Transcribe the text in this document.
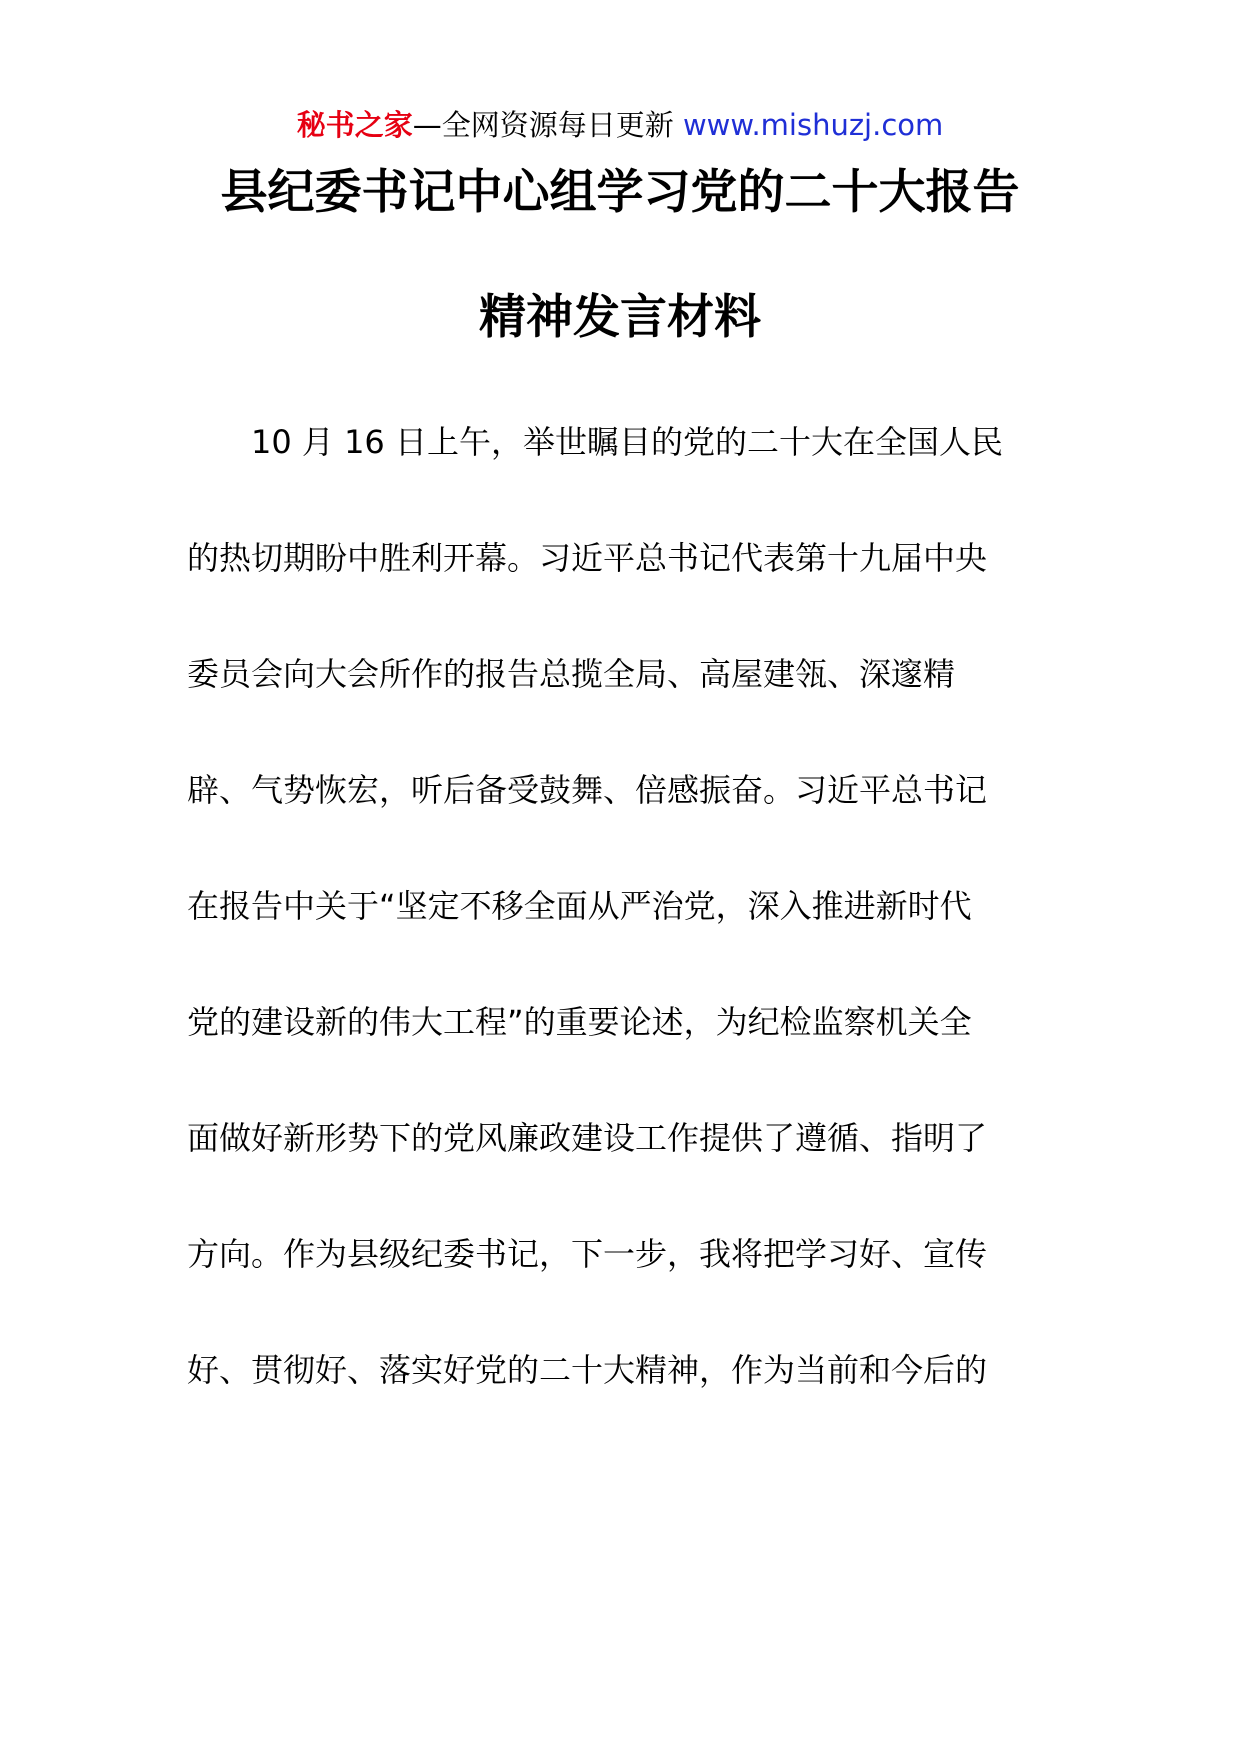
秘书之家—全网资源每日更新 www.mishuzj.com
县纪委书记中心组学习党的二十大报告
精神发言材料
　　10 月 16 日上午，举世瞩目的党的二十大在全国人民
的热切期盼中胜利开幕。习近平总书记代表第十九届中央
委员会向大会所作的报告总揽全局、高屋建瓴、深邃精
辟、气势恢宏，听后备受鼓舞、倍感振奋。习近平总书记
在报告中关于“坚定不移全面从严治党，深入推进新时代
党的建设新的伟大工程”的重要论述，为纪检监察机关全
面做好新形势下的党风廉政建设工作提供了遵循、指明了
方向。作为县级纪委书记，下一步，我将把学习好、宣传
好、贯彻好、落实好党的二十大精神，作为当前和今后的
